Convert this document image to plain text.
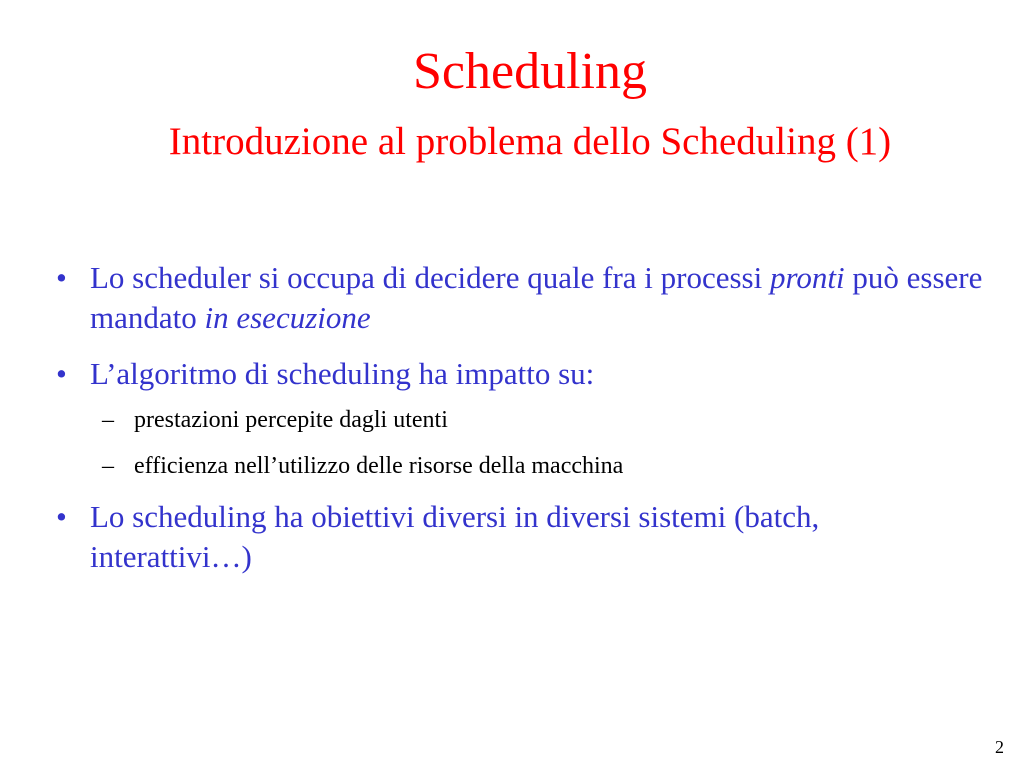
Scheduling
Introduzione al problema dello Scheduling (1)
• Lo scheduler si occupa di decidere quale fra i processi pronti può essere mandato in esecuzione
• L’algoritmo di scheduling ha impatto su:
– prestazioni percepite dagli utenti
– efficienza nell’utilizzo delle risorse della macchina
• Lo scheduling ha obiettivi diversi in diversi sistemi (batch, interattivi…)
2
